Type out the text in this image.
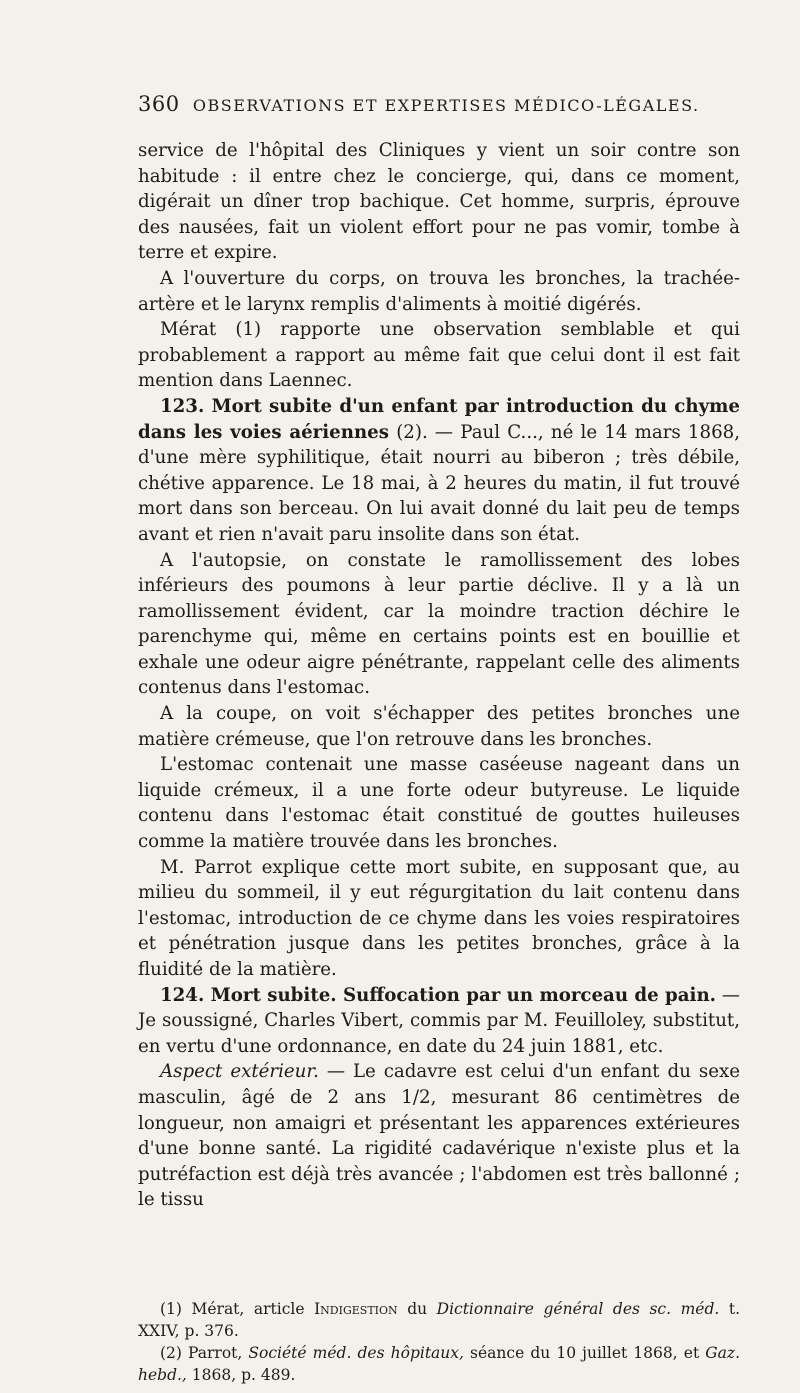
360 OBSERVATIONS ET EXPERTISES MÉDICO-LÉGALES.

service de l'hôpital des Cliniques y vient un soir contre son habitude : il entre chez le concierge, qui, dans ce moment, digérait un dîner trop bachique. Cet homme, surpris, éprouve des nausées, fait un violent effort pour ne pas vomir, tombe à terre et expire.

A l'ouverture du corps, on trouva les bronches, la trachée-artère et le larynx remplis d'aliments à moitié digérés.

Mérat (1) rapporte une observation semblable et qui probablement a rapport au même fait que celui dont il est fait mention dans Laennec.

123. Mort subite d'un enfant par introduction du chyme dans les voies aériennes (2). — Paul C..., né le 14 mars 1868, d'une mère syphilitique, était nourri au biberon ; très débile, chétive apparence. Le 18 mai, à 2 heures du matin, il fut trouvé mort dans son berceau. On lui avait donné du lait peu de temps avant et rien n'avait paru insolite dans son état.

A l'autopsie, on constate le ramollissement des lobes inférieurs des poumons à leur partie déclive. Il y a là un ramollissement évident, car la moindre traction déchire le parenchyme qui, même en certains points est en bouillie et exhale une odeur aigre pénétrante, rappelant celle des aliments contenus dans l'estomac.

A la coupe, on voit s'échapper des petites bronches une matière crémeuse, que l'on retrouve dans les bronches.

L'estomac contenait une masse caséeuse nageant dans un liquide crémeux, il a une forte odeur butyreuse. Le liquide contenu dans l'estomac était constitué de gouttes huileuses comme la matière trouvée dans les bronches.

M. Parrot explique cette mort subite, en supposant que, au milieu du sommeil, il y eut régurgitation du lait contenu dans l'estomac, introduction de ce chyme dans les voies respiratoires et pénétration jusque dans les petites bronches, grâce à la fluidité de la matière.

124. Mort subite. Suffocation par un morceau de pain. — Je soussigné, Charles Vibert, commis par M. Feuilloley, substitut, en vertu d'une ordonnance, en date du 24 juin 1881, etc.

Aspect extérieur. — Le cadavre est celui d'un enfant du sexe masculin, âgé de 2 ans 1/2, mesurant 86 centimètres de longueur, non amaigri et présentant les apparences extérieures d'une bonne santé. La rigidité cadavérique n'existe plus et la putréfaction est déjà très avancée ; l'abdomen est très ballonné ; le tissu

(1) Mérat, article Indigestion du Dictionnaire général des sc. méd. t. XXIV, p. 376.

(2) Parrot, Société méd. des hôpitaux, séance du 10 juillet 1868, et Gaz. hebd., 1868, p. 489.
